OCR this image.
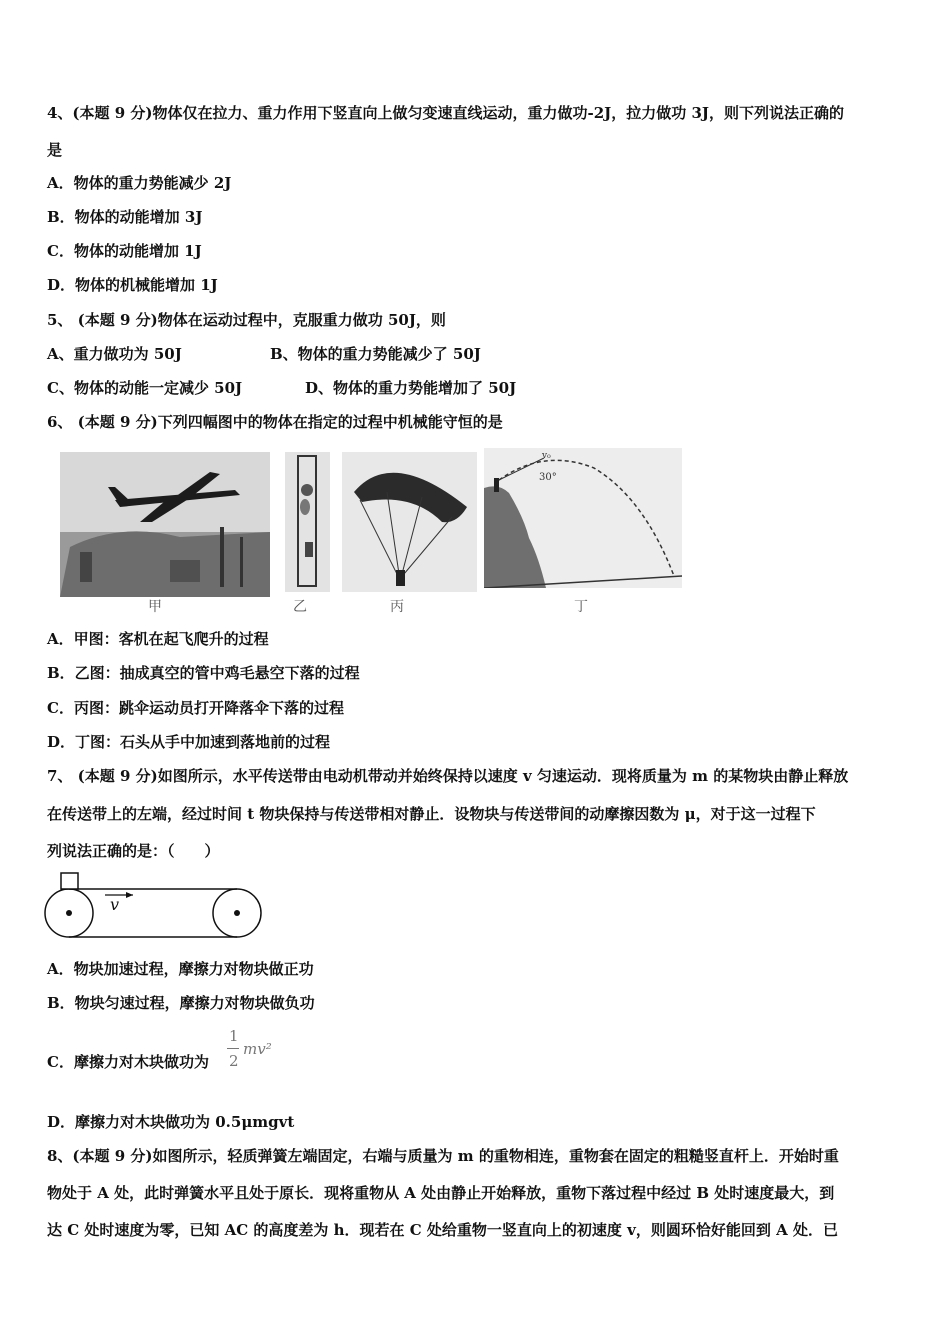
4、(本题 9 分)物体仅在拉力、重力作用下竖直向上做匀变速直线运动，重力做功-2J，拉力做功 3J，则下列说法正确的
是
A．物体的重力势能减少 2J
B．物体的动能增加 3J
C．物体的动能增加 1J
D．物体的机械能增加 1J
5、 (本题 9 分)物体在运动过程中，克服重力做功 50J，则
A、重力做功为 50J	B、物体的重力势能减少了 50J
C、物体的动能一定减少 50J	D、物体的重力势能增加了 50J
6、 (本题 9 分)下列四幅图中的物体在指定的过程中机械能守恒的是
v₀
30°
甲	乙	丙	丁
A．甲图：客机在起飞爬升的过程
B．乙图：抽成真空的管中鸡毛悬空下落的过程
C．丙图：跳伞运动员打开降落伞下落的过程
D．丁图：石头从手中加速到落地前的过程
7、 (本题 9 分)如图所示，水平传送带由电动机带动并始终保持以速度 v 匀速运动．现将质量为 m 的某物块由静止释放
在传送带上的左端，经过时间 t 物块保持与传送带相对静止．设物块与传送带间的动摩擦因数为 μ，对于这一过程下
列说法正确的是：（　　）
v
A．物块加速过程，摩擦力对物块做正功
B．物块匀速过程，摩擦力对物块做负功
C．摩擦力对木块做功为
1
2
mv²
D．摩擦力对木块做功为 0.5μmgvt
8、(本题 9 分)如图所示，轻质弹簧左端固定，右端与质量为 m 的重物相连，重物套在固定的粗糙竖直杆上．开始时重
物处于 A 处，此时弹簧水平且处于原长．现将重物从 A 处由静止开始释放，重物下落过程中经过 B 处时速度最大，到
达 C 处时速度为零，已知 AC 的高度差为 h．现若在 C 处给重物一竖直向上的初速度 v，则圆环恰好能回到 A 处．已
